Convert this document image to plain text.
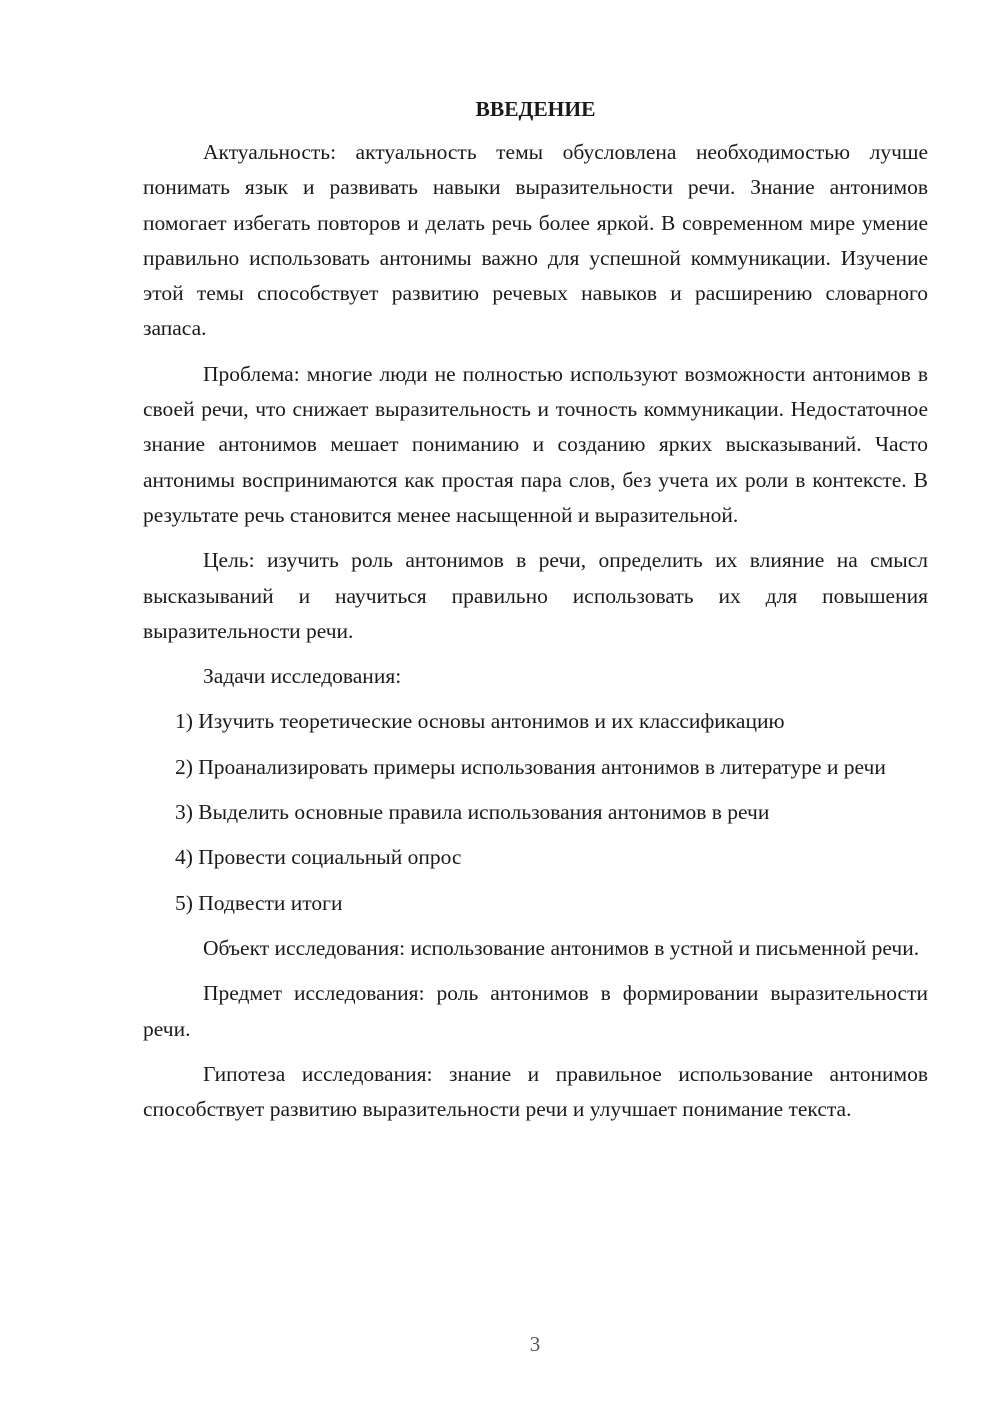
ВВЕДЕНИЕ

Актуальность: актуальность темы обусловлена необходимостью лучше понимать язык и развивать навыки выразительности речи. Знание антонимов помогает избегать повторов и делать речь более яркой. В современном мире умение правильно использовать антонимы важно для успешной коммуникации. Изучение этой темы способствует развитию речевых навыков и расширению словарного запаса.

Проблема: многие люди не полностью используют возможности антонимов в своей речи, что снижает выразительность и точность коммуникации. Недостаточное знание антонимов мешает пониманию и созданию ярких высказываний. Часто антонимы воспринимаются как простая пара слов, без учета их роли в контексте. В результате речь становится менее насыщенной и выразительной.

Цель: изучить роль антонимов в речи, определить их влияние на смысл высказываний и научиться правильно использовать их для повышения выразительности речи.

Задачи исследования:

1) Изучить теоретические основы антонимов и их классификацию

2) Проанализировать примеры использования антонимов в литературе и речи

3) Выделить основные правила использования антонимов в речи

4) Провести социальный опрос

5) Подвести итоги

Объект исследования: использование антонимов в устной и письменной речи.

Предмет исследования: роль антонимов в формировании выразительности речи.

Гипотеза исследования: знание и правильное использование антонимов способствует развитию выразительности речи и улучшает понимание текста.

3
